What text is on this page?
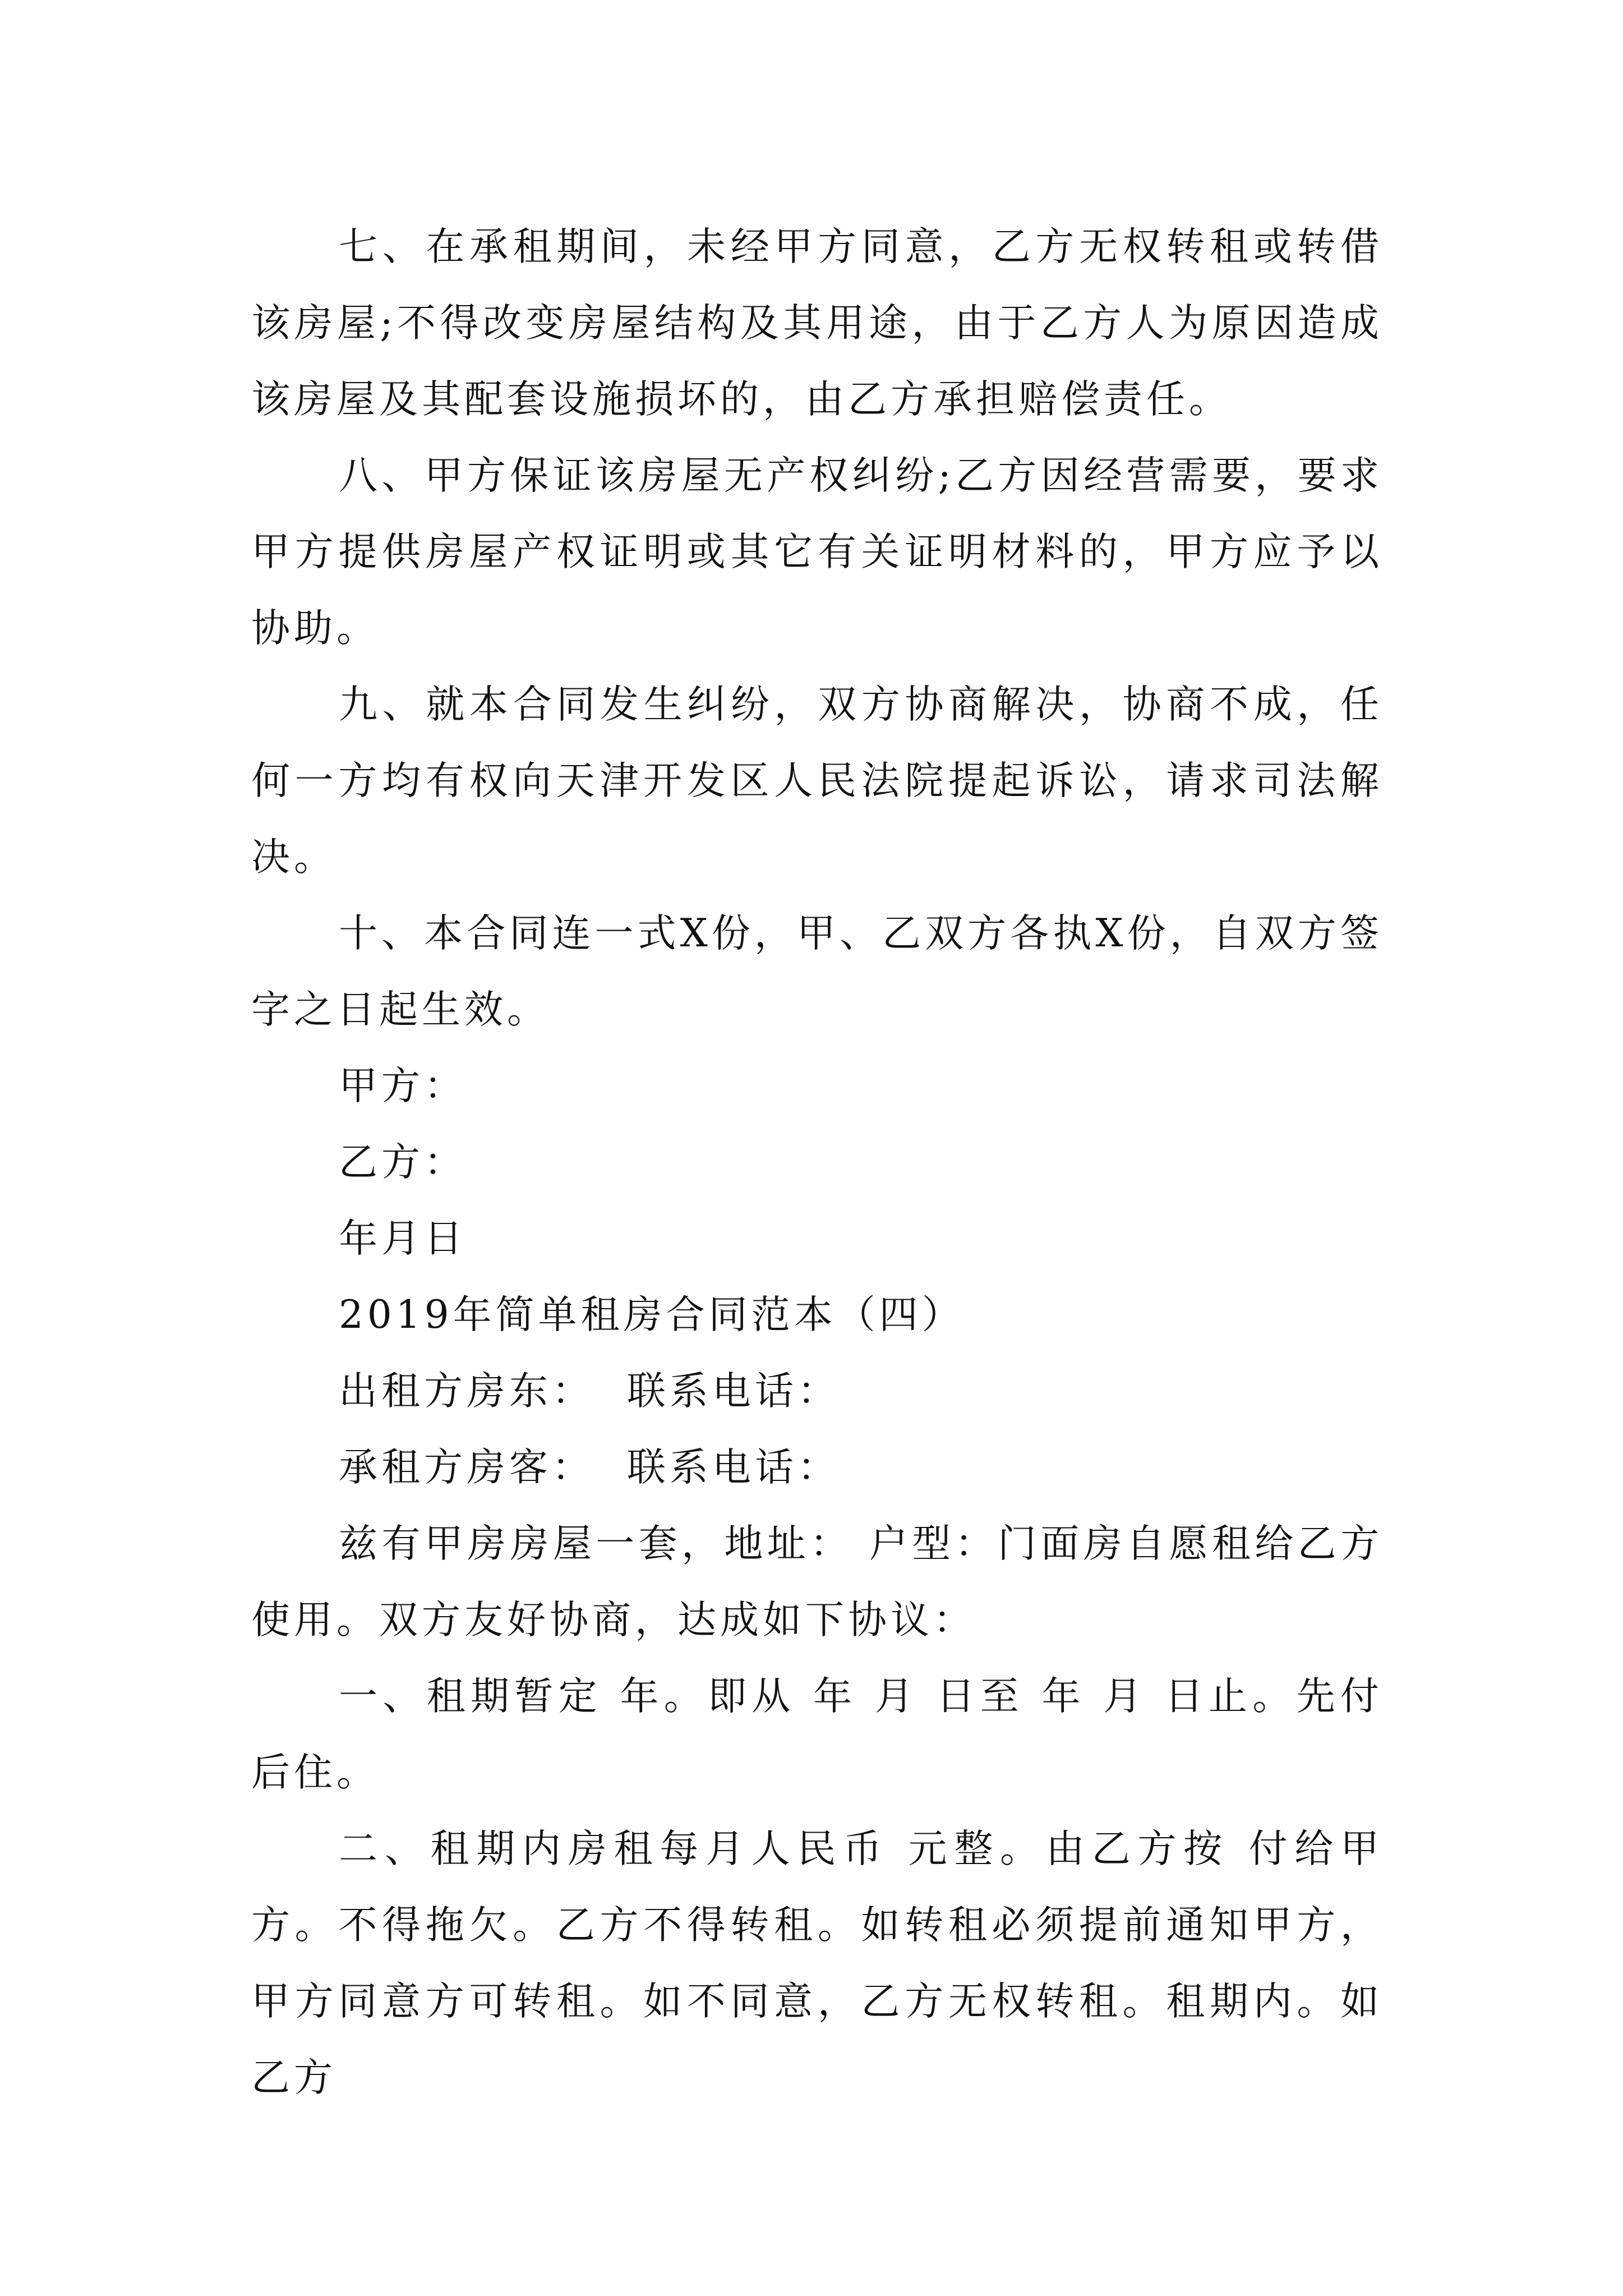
七、在承租期间，未经甲方同意，乙方无权转租或转借该房屋;不得改变房屋结构及其用途，由于乙方人为原因造成该房屋及其配套设施损坏的，由乙方承担赔偿责任。

八、甲方保证该房屋无产权纠纷;乙方因经营需要，要求甲方提供房屋产权证明或其它有关证明材料的，甲方应予以协助。

九、就本合同发生纠纷，双方协商解决，协商不成，任何一方均有权向天津开发区人民法院提起诉讼，请求司法解决。

十、本合同连一式X份，甲、乙双方各执X份，自双方签字之日起生效。

甲方：

乙方：

年月日

2019年简单租房合同范本（四）

出租方房东：  联系电话：

承租方房客：  联系电话：

兹有甲房房屋一套，地址： 户型：门面房自愿租给乙方使用。双方友好协商，达成如下协议：

一、租期暂定 年。即从 年 月 日至 年 月 日止。先付后住。

二、租期内房租每月人民币 元整。由乙方按 付给甲方。不得拖欠。乙方不得转租。如转租必须提前通知甲方，甲方同意方可转租。如不同意，乙方无权转租。租期内。如乙方
